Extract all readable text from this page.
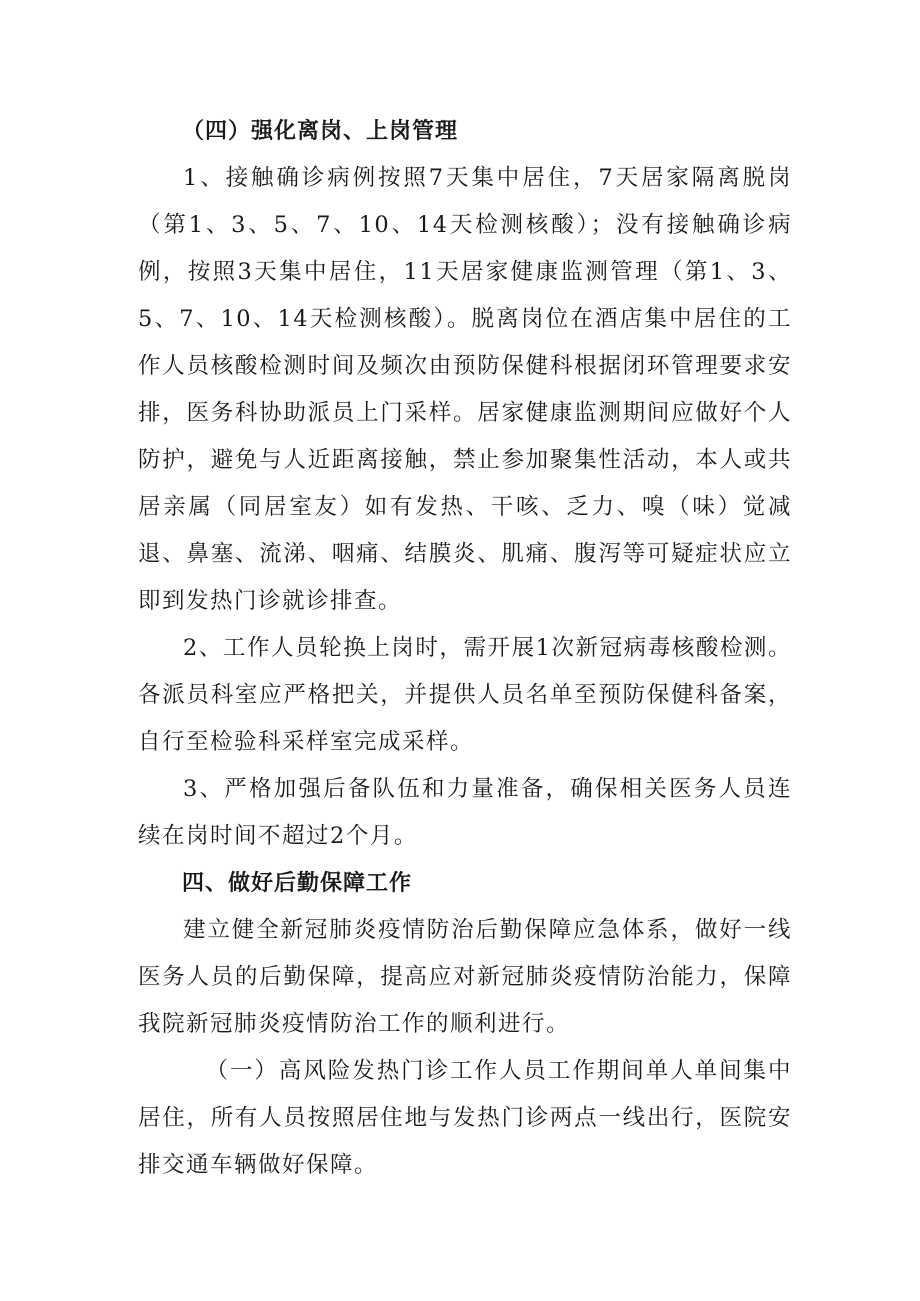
（四）强化离岗、上岗管理

1、接触确诊病例按照7天集中居住，7天居家隔离脱岗（第1、3、5、7、10、14天检测核酸）；没有接触确诊病例，按照3天集中居住，11天居家健康监测管理（第1、3、5、7、10、14天检测核酸）。脱离岗位在酒店集中居住的工作人员核酸检测时间及频次由预防保健科根据闭环管理要求安排，医务科协助派员上门采样。居家健康监测期间应做好个人防护，避免与人近距离接触，禁止参加聚集性活动，本人或共居亲属（同居室友）如有发热、干咳、乏力、嗅（味）觉减退、鼻塞、流涕、咽痛、结膜炎、肌痛、腹泻等可疑症状应立即到发热门诊就诊排查。

2、工作人员轮换上岗时，需开展1次新冠病毒核酸检测。各派员科室应严格把关，并提供人员名单至预防保健科备案，自行至检验科采样室完成采样。

3、严格加强后备队伍和力量准备，确保相关医务人员连续在岗时间不超过2个月。

四、做好后勤保障工作

建立健全新冠肺炎疫情防治后勤保障应急体系，做好一线医务人员的后勤保障，提高应对新冠肺炎疫情防治能力，保障我院新冠肺炎疫情防治工作的顺利进行。

（一）高风险发热门诊工作人员工作期间单人单间集中居住，所有人员按照居住地与发热门诊两点一线出行，医院安排交通车辆做好保障。
